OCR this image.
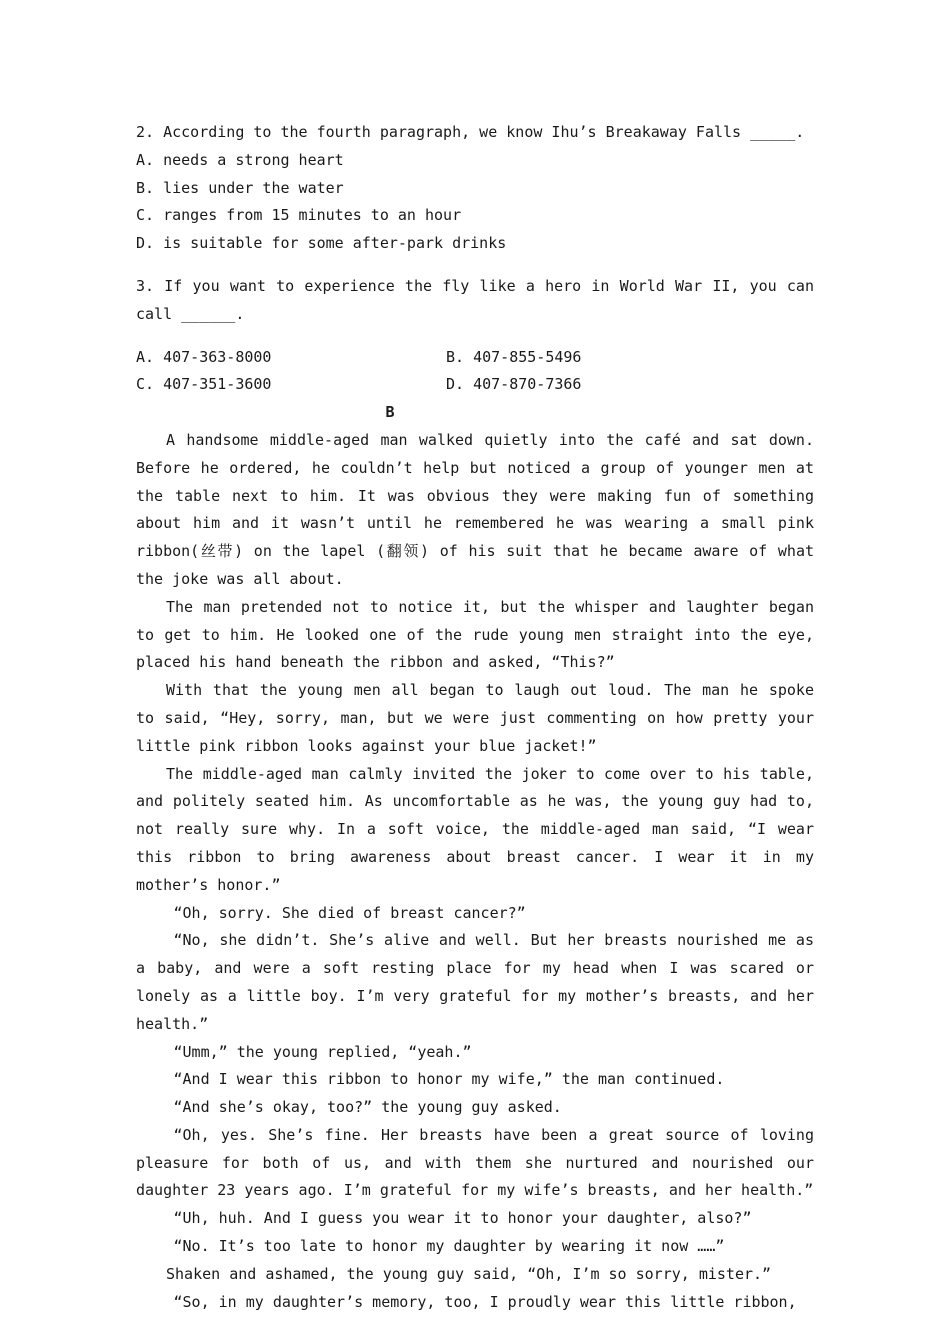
2. According to the fourth paragraph, we know Ihu’s Breakaway Falls _____.

A. needs a strong heart

B. lies under the water

C. ranges from 15 minutes to an hour

D. is suitable for some after-park drinks

3. If you want to experience the fly like a hero in World War II, you can call ______.

A. 407-363-8000	B. 407-855-5496
C. 407-351-3600	D. 407-870-7366

B

A handsome middle-aged man walked quietly into the café and sat down. Before he ordered, he couldn’t help but noticed a group of younger men at the table next to him. It was obvious they were making fun of something about him and it wasn’t until he remembered he was wearing a small pink ribbon(丝带) on the lapel (翻领) of his suit that he became aware of what the joke was all about.

The man pretended not to notice it, but the whisper and laughter began to get to him. He looked one of the rude young men straight into the eye, placed his hand beneath the ribbon and asked, “This?”

With that the young men all began to laugh out loud. The man he spoke to said, “Hey, sorry, man, but we were just commenting on how pretty your little pink ribbon looks against your blue jacket!”

The middle-aged man calmly invited the joker to come over to his table, and politely seated him. As uncomfortable as he was, the young guy had to, not really sure why. In a soft voice, the middle-aged man said, “I wear this ribbon to bring awareness about breast cancer. I wear it in my mother’s honor.”

“Oh, sorry. She died of breast cancer?”

“No, she didn’t. She’s alive and well. But her breasts nourished me as a baby, and were a soft resting place for my head when I was scared or lonely as a little boy. I’m very grateful for my mother’s breasts, and her health.”

“Umm,” the young replied, “yeah.”

“And I wear this ribbon to honor my wife,” the man continued.

“And she’s okay, too?” the young guy asked.

“Oh, yes. She’s fine. Her breasts have been a great source of loving pleasure for both of us, and with them she nurtured and nourished our daughter 23 years ago. I’m grateful for my wife’s breasts, and her health.”

“Uh, huh. And I guess you wear it to honor your daughter, also?”

“No. It’s too late to honor my daughter by wearing it now ……”

Shaken and ashamed, the young guy said, “Oh, I’m so sorry, mister.”

“So, in my daughter’s memory, too, I proudly wear this little ribbon,
